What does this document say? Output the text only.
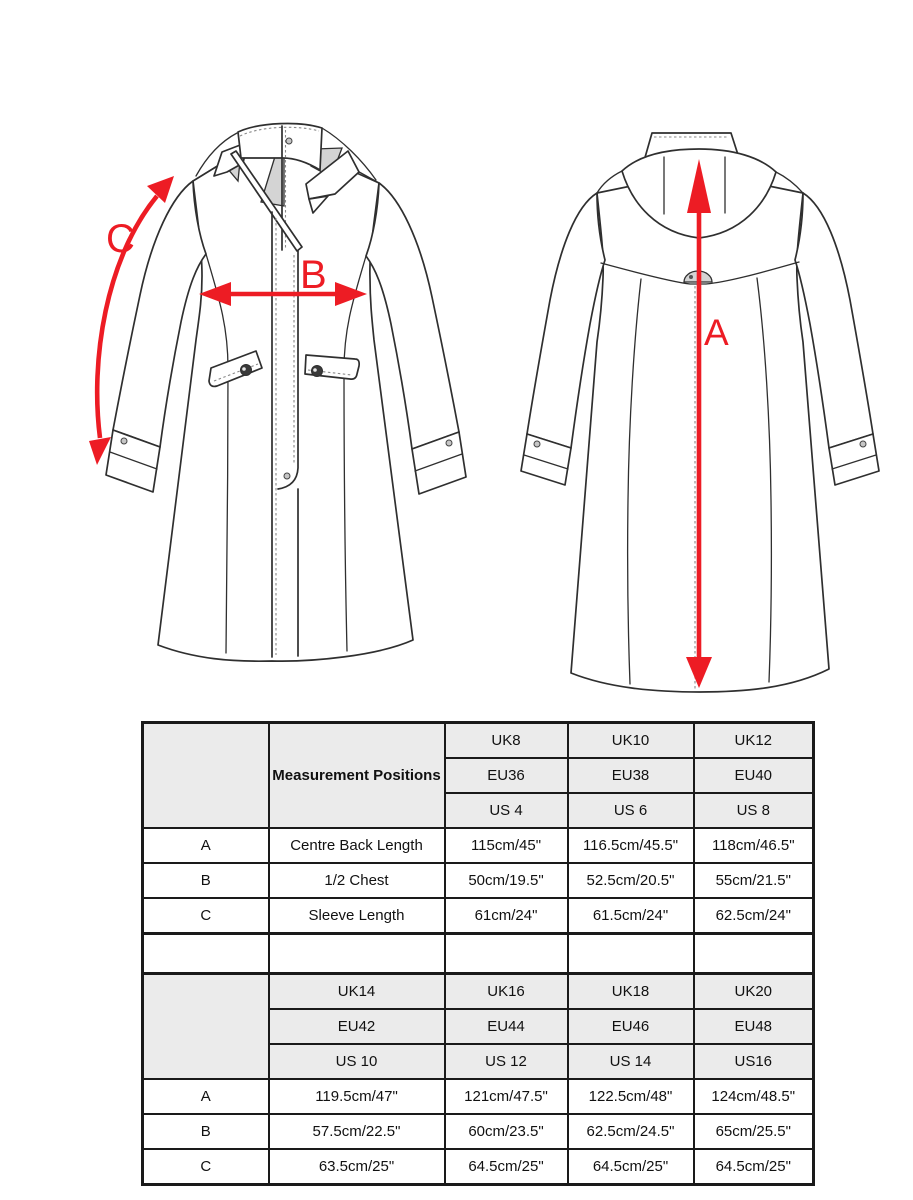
C
B
A
	Measurement Positions	UK8	UK10	UK12
		EU36	EU38	EU40
		US 4	US 6	US 8
A	Centre Back Length	115cm/45"	116.5cm/45.5"	118cm/46.5"
B	1/2 Chest	50cm/19.5"	52.5cm/20.5"	55cm/21.5"
C	Sleeve Length	61cm/24"	61.5cm/24"	62.5cm/24"

	UK14	UK16	UK18	UK20
	EU42	EU44	EU46	EU48
	US 10	US 12	US 14	US16
A	119.5cm/47"	121cm/47.5"	122.5cm/48"	124cm/48.5"
B	57.5cm/22.5"	60cm/23.5"	62.5cm/24.5"	65cm/25.5"
C	63.5cm/25"	64.5cm/25"	64.5cm/25"	64.5cm/25"
